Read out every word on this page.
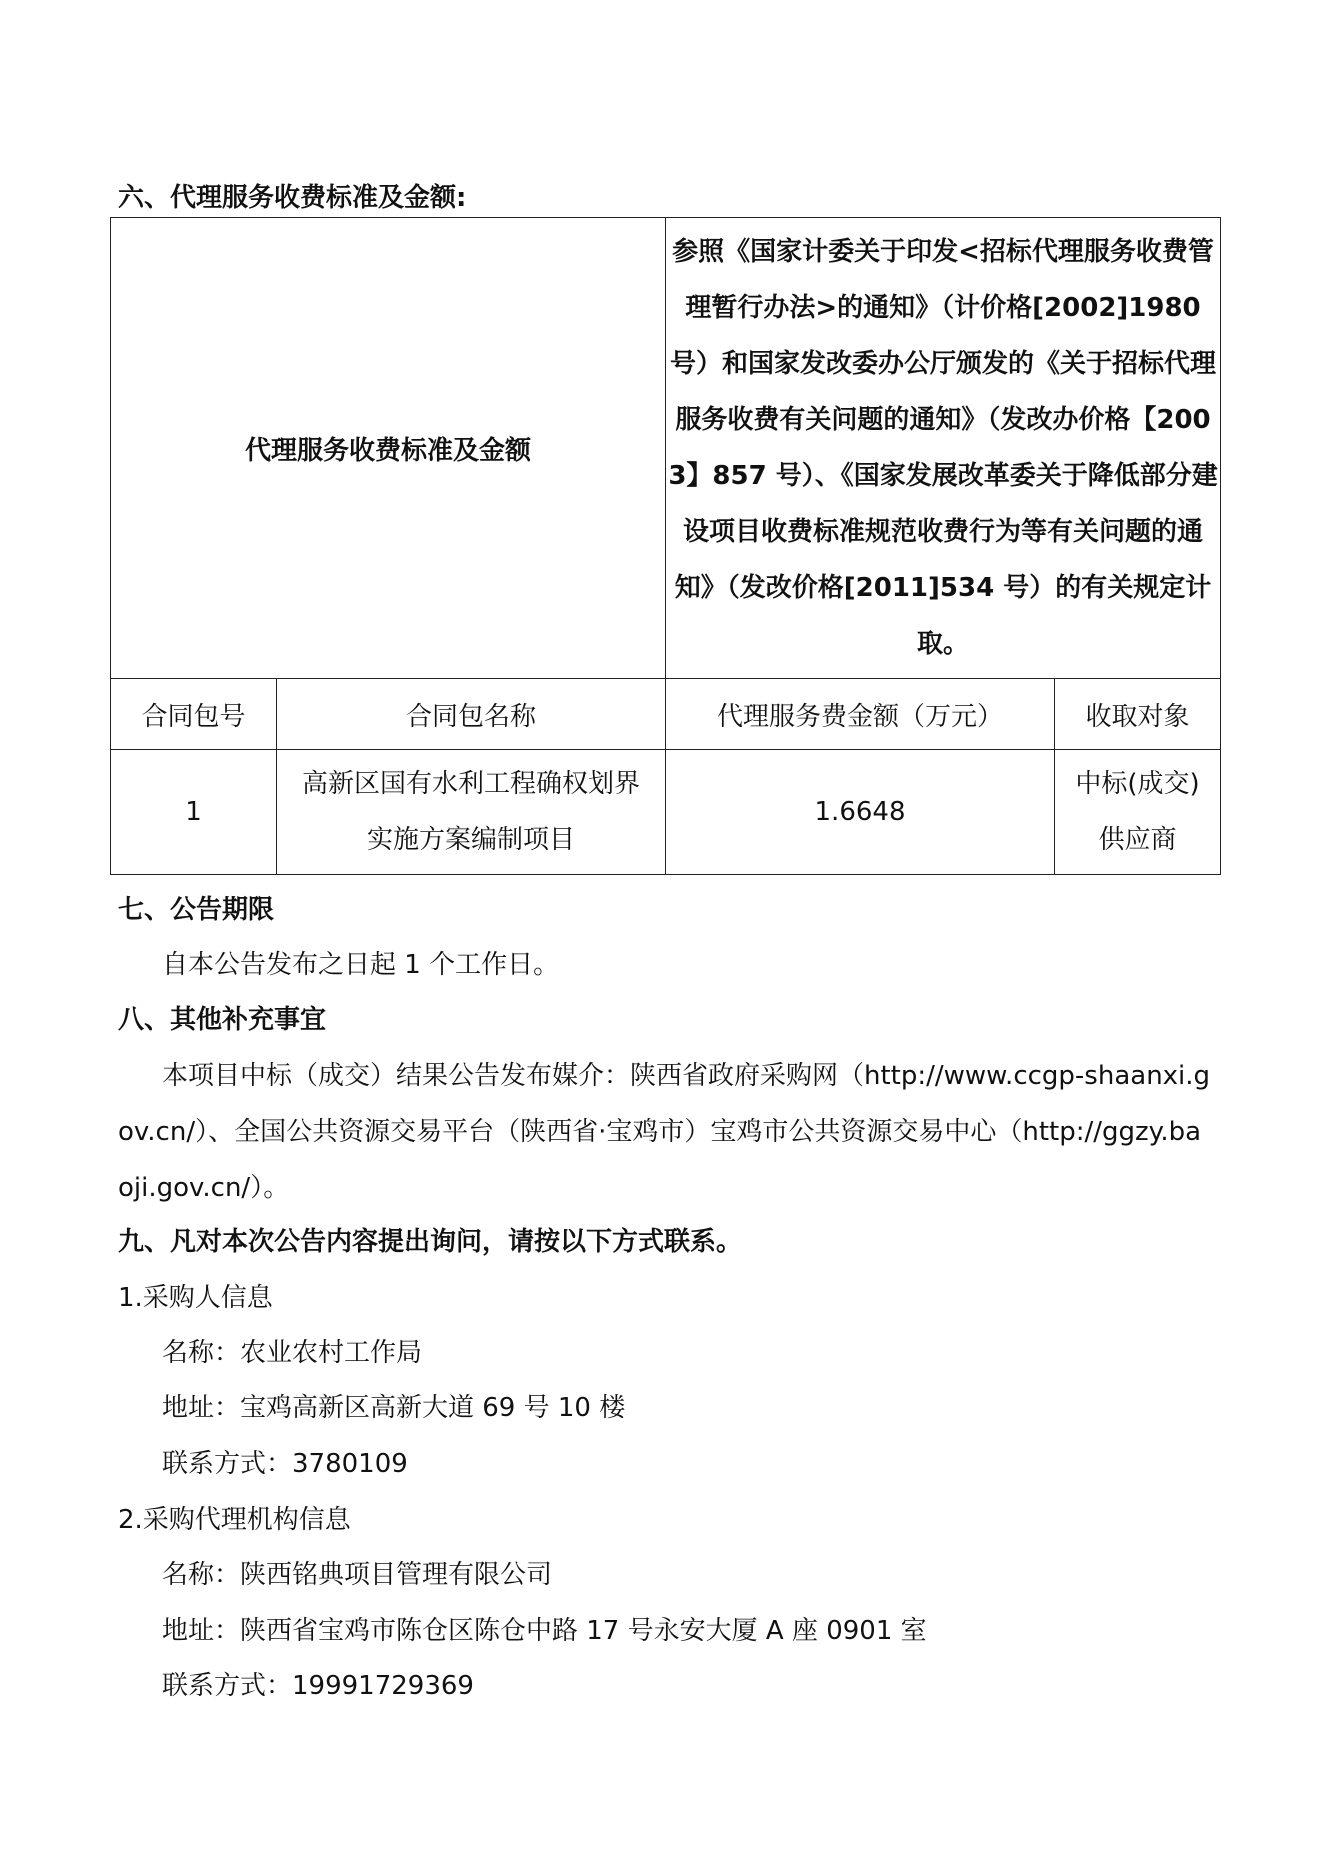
六、代理服务收费标准及金额:
代理服务收费标准及金额		参照《国家计委关于印发<招标代理服务收费管理暂行办法>的通知》（计价格[2002]1980 号）和国家发改委办公厅颁发的《关于招标代理服务收费有关问题的通知》（发改办价格【2003】857 号）、《国家发展改革委关于降低部分建设项目收费标准规范收费行为等有关问题的通知》（发改价格[2011]534 号）的有关规定计取。	
合同包号	合同包名称	代理服务费金额（万元）	收取对象
1	高新区国有水利工程确权划界实施方案编制项目	1.6648	中标(成交)供应商
七、公告期限
自本公告发布之日起 1 个工作日。
八、其他补充事宜
本项目中标（成交）结果公告发布媒介：陕西省政府采购网（http://www.ccgp-shaanxi.gov.cn/）、全国公共资源交易平台（陕西省·宝鸡市）宝鸡市公共资源交易中心（http://ggzy.baoji.gov.cn/）。
九、凡对本次公告内容提出询问，请按以下方式联系。
1.采购人信息
名称：农业农村工作局
地址：宝鸡高新区高新大道 69 号 10 楼
联系方式：3780109
2.采购代理机构信息
名称：陕西铭典项目管理有限公司
地址：陕西省宝鸡市陈仓区陈仓中路 17 号永安大厦 A 座 0901 室
联系方式：19991729369
